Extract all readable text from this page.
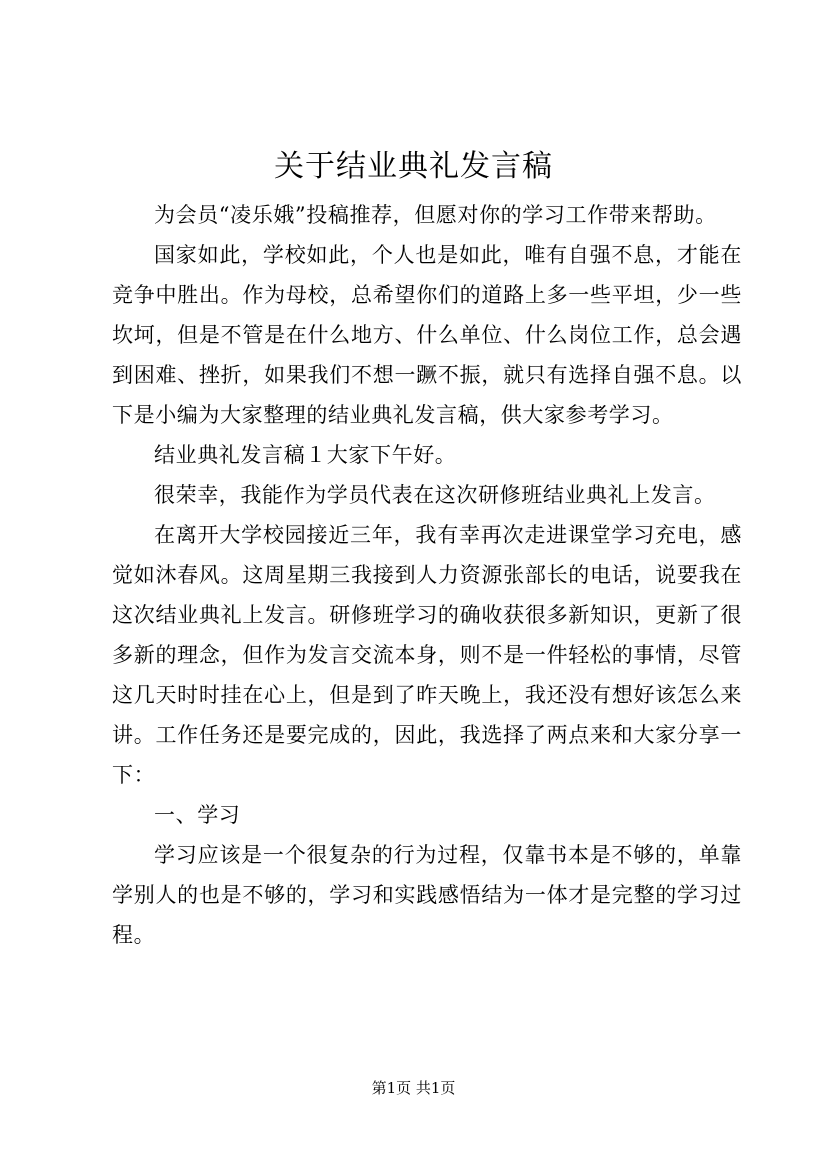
关于结业典礼发言稿

为会员“凌乐娥”投稿推荐，但愿对你的学习工作带来帮助。

国家如此，学校如此，个人也是如此，唯有自强不息，才能在竞争中胜出。作为母校，总希望你们的道路上多一些平坦，少一些坎坷，但是不管是在什么地方、什么单位、什么岗位工作，总会遇到困难、挫折，如果我们不想一蹶不振，就只有选择自强不息。以下是小编为大家整理的结业典礼发言稿，供大家参考学习。

结业典礼发言稿１大家下午好。

很荣幸，我能作为学员代表在这次研修班结业典礼上发言。

在离开大学校园接近三年，我有幸再次走进课堂学习充电，感觉如沐春风。这周星期三我接到人力资源张部长的电话，说要我在这次结业典礼上发言。研修班学习的确收获很多新知识，更新了很多新的理念，但作为发言交流本身，则不是一件轻松的事情，尽管这几天时时挂在心上，但是到了昨天晚上，我还没有想好该怎么来讲。工作任务还是要完成的，因此，我选择了两点来和大家分享一下：

一、学习

学习应该是一个很复杂的行为过程，仅靠书本是不够的，单靠学别人的也是不够的，学习和实践感悟结为一体才是完整的学习过程。

第1页 共1页
